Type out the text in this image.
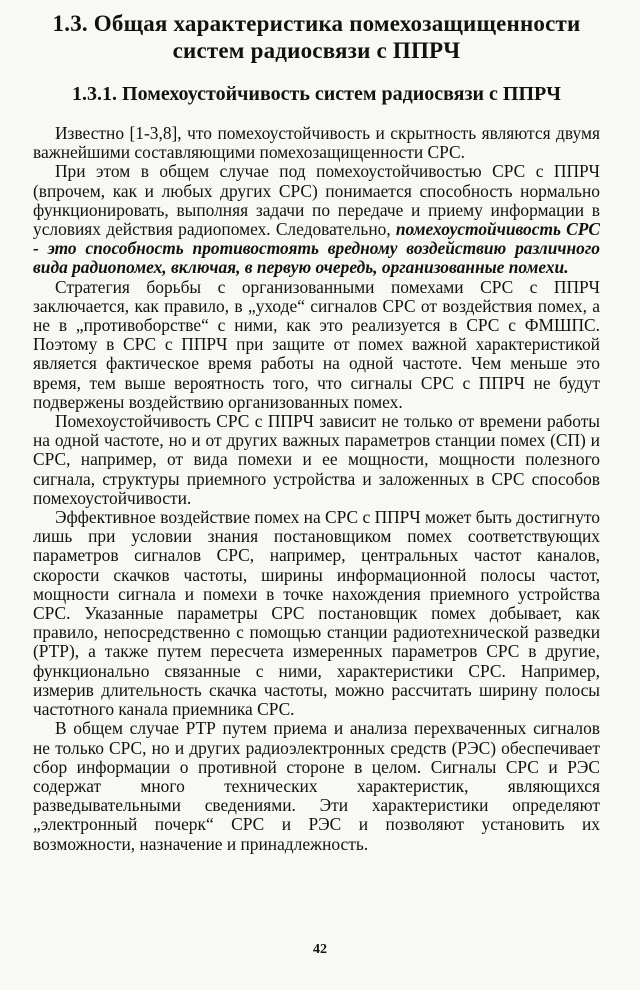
1.3. Общая характеристика помехозащищенности систем радиосвязи с ППРЧ
1.3.1. Помехоустойчивость систем радиосвязи с ППРЧ

Известно [1-3,8], что помехоустойчивость и скрытность являются двумя важнейшими составляющими помехозащищенности СРС.

При этом в общем случае под помехоустойчивостью СРС с ППРЧ (впрочем, как и любых других СРС) понимается способность нормально функционировать, выполняя задачи по передаче и приему информации в условиях действия радиопомех. Следовательно, помехоустойчивость СРС - это способность противостоять вредному воздействию различного вида радиопомех, включая, в первую очередь, организованные помехи.

Стратегия борьбы с организованными помехами СРС с ППРЧ заключается, как правило, в „уходе“ сигналов СРС от воздействия помех, а не в „противоборстве“ с ними, как это реализуется в СРС с ФМШПС. Поэтому в СРС с ППРЧ при защите от помех важной характеристикой является фактическое время работы на одной частоте. Чем меньше это время, тем выше вероятность того, что сигналы СРС с ППРЧ не будут подвержены воздействию организованных помех.

Помехоустойчивость СРС с ППРЧ зависит не только от времени работы на одной частоте, но и от других важных параметров станции помех (СП) и СРС, например, от вида помехи и ее мощности, мощности полезного сигнала, структуры приемного устройства и заложенных в СРС способов помехоустойчивости.

Эффективное воздействие помех на СРС с ППРЧ может быть достигнуто лишь при условии знания постановщиком помех соответствующих параметров сигналов СРС, например, центральных частот каналов, скорости скачков частоты, ширины информационной полосы частот, мощности сигнала и помехи в точке нахождения приемного устройства СРС. Указанные параметры СРС постановщик помех добывает, как правило, непосредственно с помощью станции радиотехнической разведки (РТР), а также путем пересчета измеренных параметров СРС в другие, функционально связанные с ними, характеристики СРС. Например, измерив длительность скачка частоты, можно рассчитать ширину полосы частотного канала приемника СРС.

В общем случае РТР путем приема и анализа перехваченных сигналов не только СРС, но и других радиоэлектронных средств (РЭС) обеспечивает сбор информации о противной стороне в целом. Сигналы СРС и РЭС содержат много технических характеристик, являющихся разведывательными сведениями. Эти характеристики определяют „электронный почерк“ СРС и РЭС и позволяют установить их возможности, назначение и принадлежность.

42
